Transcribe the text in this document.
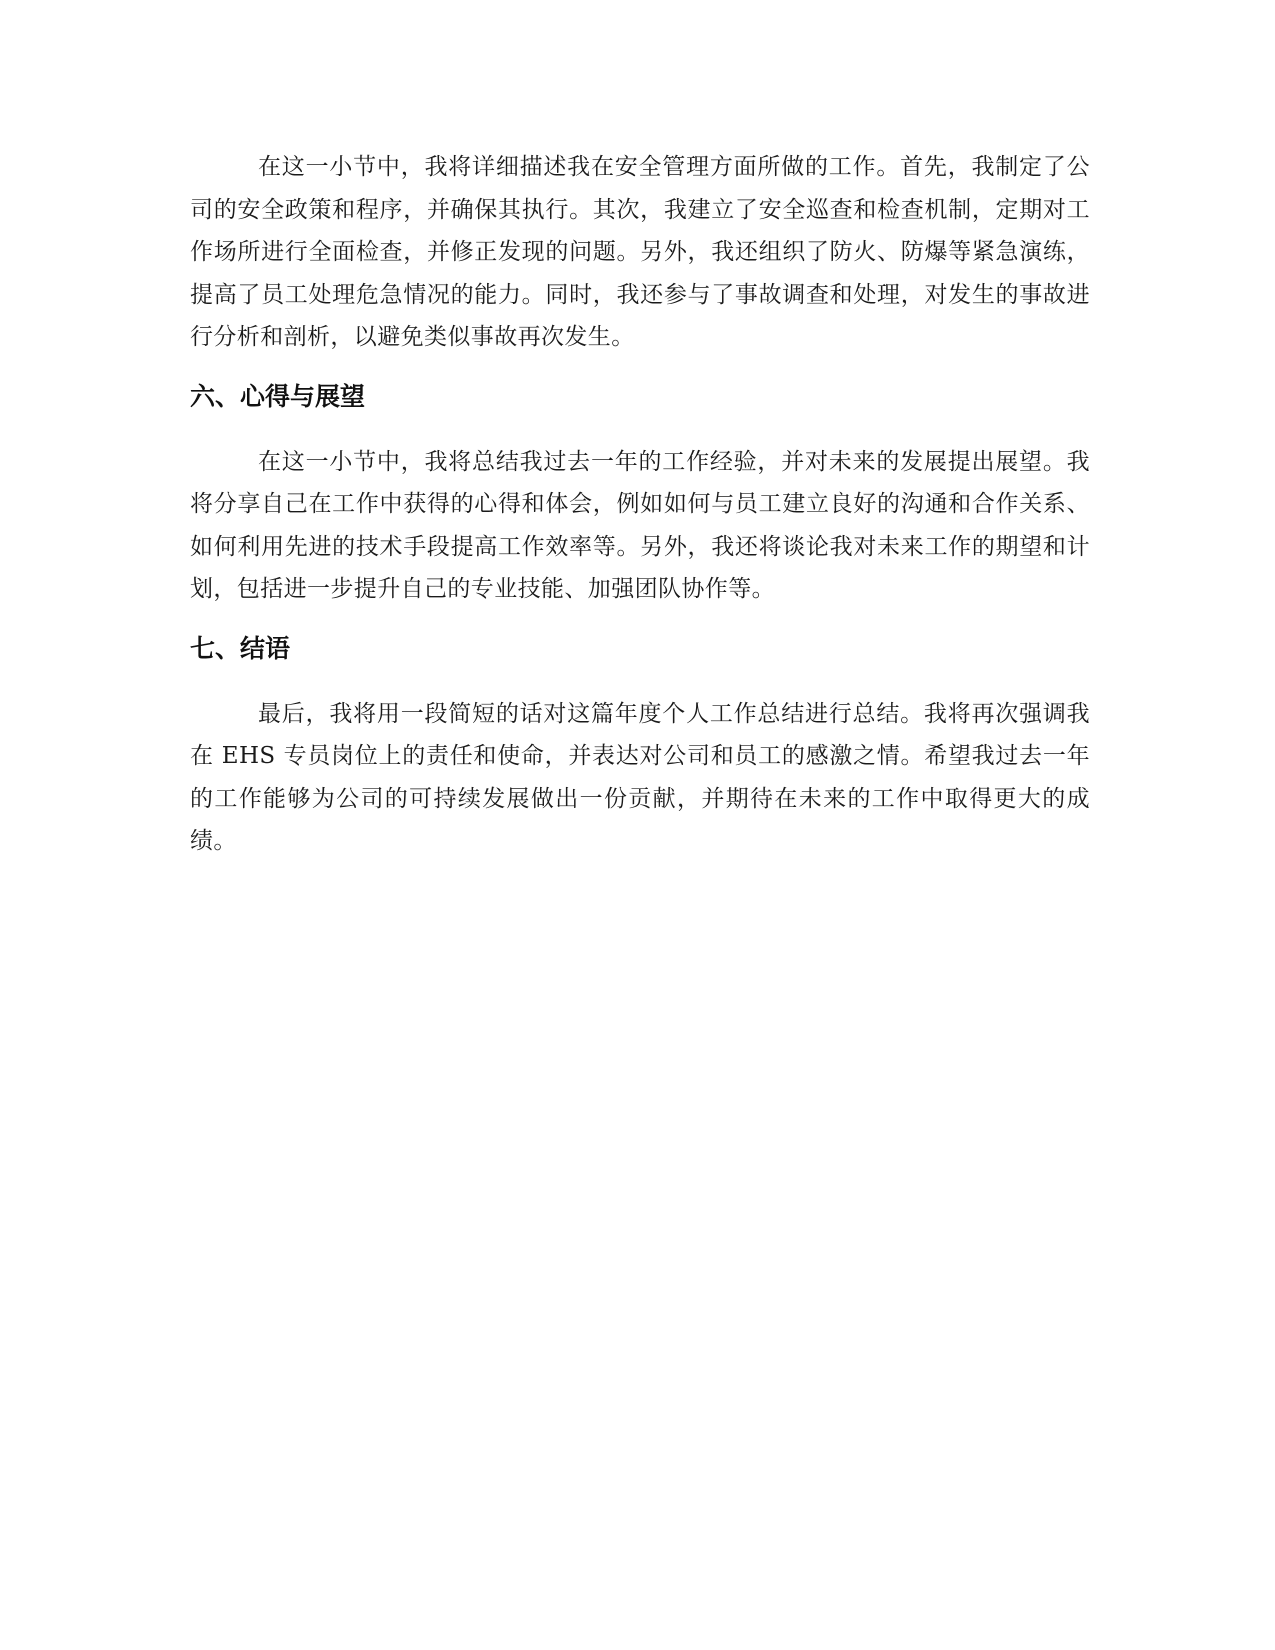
在这一小节中，我将详细描述我在安全管理方面所做的工作。首先，我制定了公司的安全政策和程序，并确保其执行。其次，我建立了安全巡查和检查机制，定期对工作场所进行全面检查，并修正发现的问题。另外，我还组织了防火、防爆等紧急演练，提高了员工处理危急情况的能力。同时，我还参与了事故调查和处理，对发生的事故进行分析和剖析，以避免类似事故再次发生。

六、心得与展望

在这一小节中，我将总结我过去一年的工作经验，并对未来的发展提出展望。我将分享自己在工作中获得的心得和体会，例如如何与员工建立良好的沟通和合作关系、如何利用先进的技术手段提高工作效率等。另外，我还将谈论我对未来工作的期望和计划，包括进一步提升自己的专业技能、加强团队协作等。

七、结语

最后，我将用一段简短的话对这篇年度个人工作总结进行总结。我将再次强调我在 EHS 专员岗位上的责任和使命，并表达对公司和员工的感激之情。希望我过去一年的工作能够为公司的可持续发展做出一份贡献，并期待在未来的工作中取得更大的成绩。
